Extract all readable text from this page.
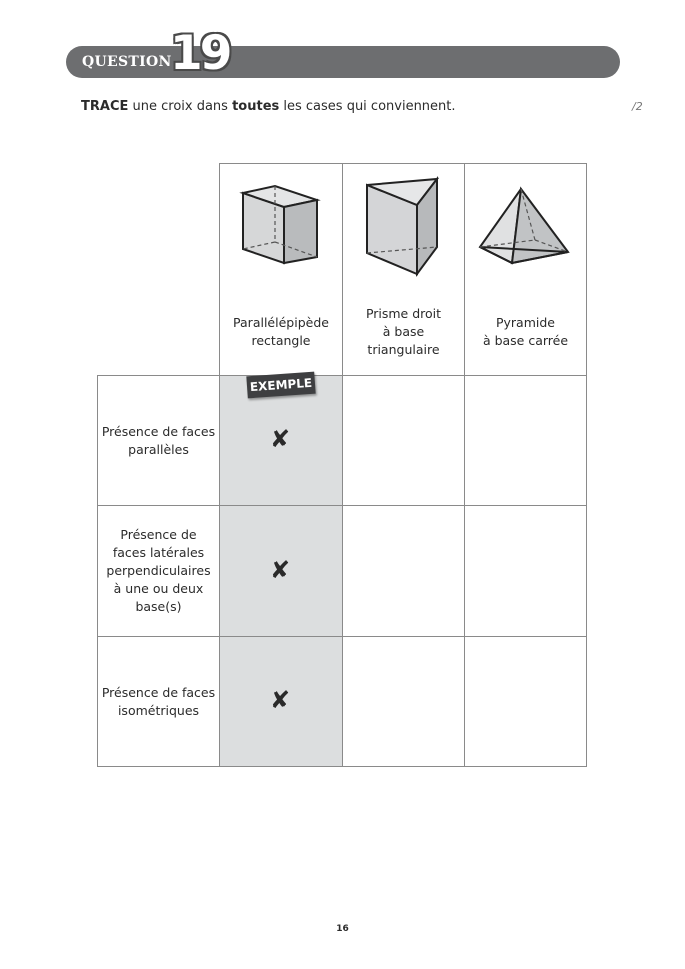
QUESTION
19
TRACE une croix dans toutes les cases qui conviennent.	/2
Parallélépipède
rectangle
Prisme droit
à base
triangulaire
Pyramide
à base carrée
Présence de faces
parallèles
Présence de
faces latérales
perpendiculaires
à une ou deux
base(s)
Présence de faces
isométriques
EXEMPLE
✘
✘
✘
16
